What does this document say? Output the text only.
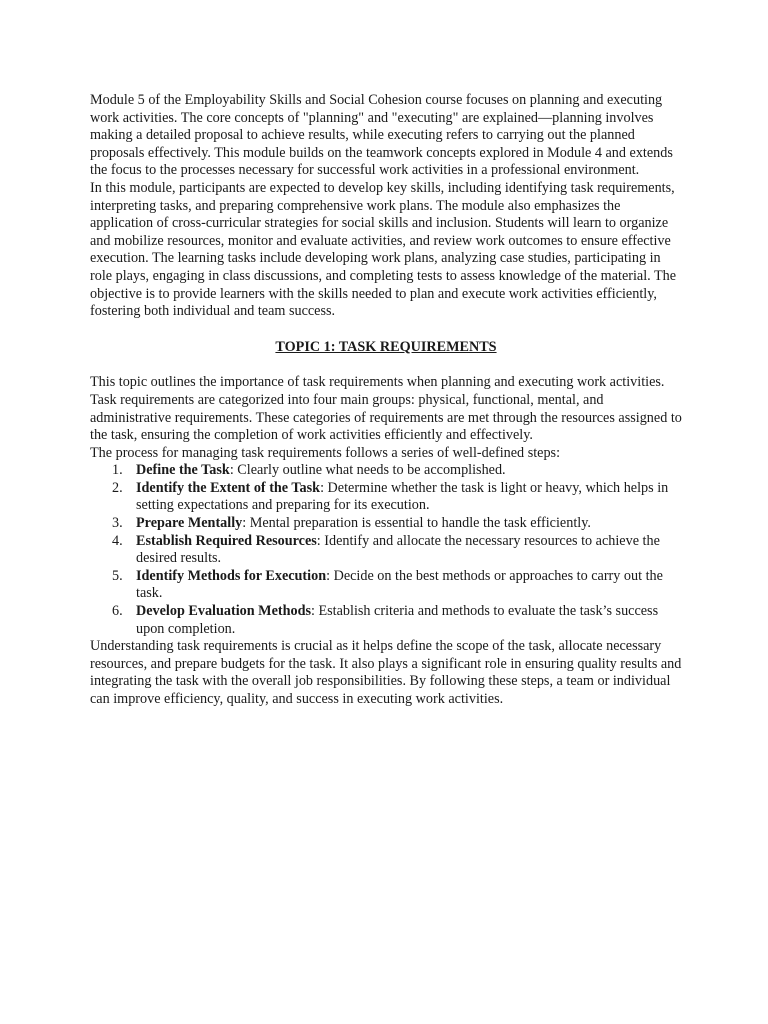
Module 5 of the Employability Skills and Social Cohesion course focuses on planning and executing work activities. The core concepts of "planning" and "executing" are explained—planning involves making a detailed proposal to achieve results, while executing refers to carrying out the planned proposals effectively. This module builds on the teamwork concepts explored in Module 4 and extends the focus to the processes necessary for successful work activities in a professional environment.

In this module, participants are expected to develop key skills, including identifying task requirements, interpreting tasks, and preparing comprehensive work plans. The module also emphasizes the application of cross-curricular strategies for social skills and inclusion. Students will learn to organize and mobilize resources, monitor and evaluate activities, and review work outcomes to ensure effective execution. The learning tasks include developing work plans, analyzing case studies, participating in role plays, engaging in class discussions, and completing tests to assess knowledge of the material. The objective is to provide learners with the skills needed to plan and execute work activities efficiently, fostering both individual and team success.

TOPIC 1: TASK REQUIREMENTS

This topic outlines the importance of task requirements when planning and executing work activities. Task requirements are categorized into four main groups: physical, functional, mental, and administrative requirements. These categories of requirements are met through the resources assigned to the task, ensuring the completion of work activities efficiently and effectively.

The process for managing task requirements follows a series of well-defined steps:

1. Define the Task: Clearly outline what needs to be accomplished.
2. Identify the Extent of the Task: Determine whether the task is light or heavy, which helps in setting expectations and preparing for its execution.
3. Prepare Mentally: Mental preparation is essential to handle the task efficiently.
4. Establish Required Resources: Identify and allocate the necessary resources to achieve the desired results.
5. Identify Methods for Execution: Decide on the best methods or approaches to carry out the task.
6. Develop Evaluation Methods: Establish criteria and methods to evaluate the task’s success upon completion.

Understanding task requirements is crucial as it helps define the scope of the task, allocate necessary resources, and prepare budgets for the task. It also plays a significant role in ensuring quality results and integrating the task with the overall job responsibilities. By following these steps, a team or individual can improve efficiency, quality, and success in executing work activities.
